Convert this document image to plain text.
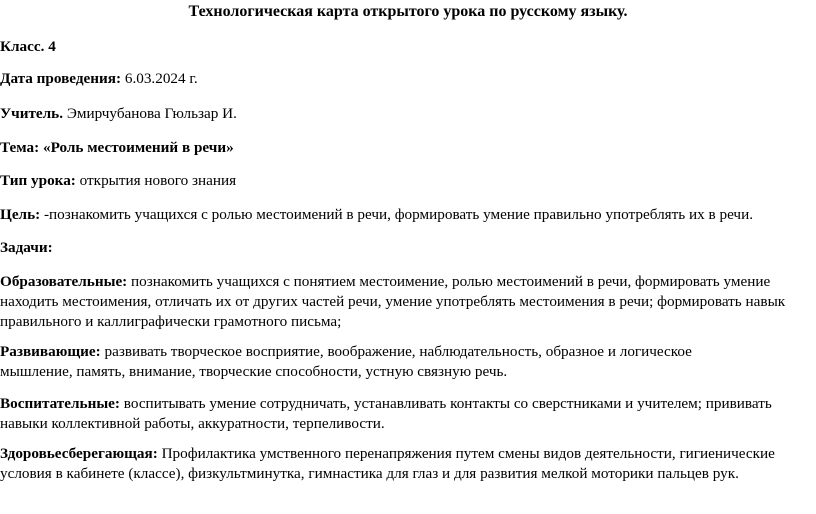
Технологическая карта открытого урока по русскому языку.

Класс. 4

Дата проведения: 6.03.2024 г.

Учитель. Эмирчубанова Гюльзар И.

Тема: «Роль местоимений в речи»

Тип урока: открытия нового знания

Цель: -познакомить учащихся с ролью местоимений в речи, формировать умение правильно употреблять их в речи.

Задачи:

Образовательные: познакомить учащихся с понятием местоимение, ролью местоимений в речи, формировать умение
находить местоимения, отличать их от других частей речи, умение употреблять местоимения в речи; формировать навык
правильного и каллиграфически грамотного письма;
Развивающие: развивать творческое восприятие, воображение, наблюдательность, образное и логическое
мышление, память, внимание, творческие способности, устную связную речь.
Воспитательные: воспитывать умение сотрудничать, устанавливать контакты со сверстниками и учителем; прививать
навыки коллективной работы, аккуратности, терпеливости.
Здоровьесберегающая: Профилактика умственного перенапряжения путем смены видов деятельности, гигиенические
условия в кабинете (классе), физкультминутка, гимнастика для глаз и для развития мелкой моторики пальцев рук.
